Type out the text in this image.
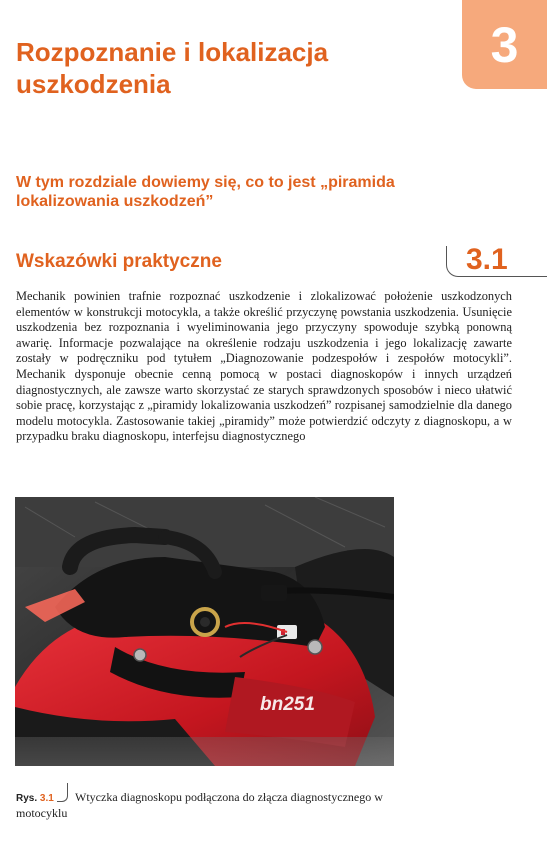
3
Rozpoznanie i lokalizacja uszkodzenia
W tym rozdziale dowiemy się, co to jest „piramida lokalizowania uszkodzeń”
Wskazówki praktyczne	3.1

Mechanik powinien trafnie rozpoznać uszkodzenie i zlokalizować położenie uszkodzonych elementów w konstrukcji motocykla, a także określić przyczynę powstania uszkodzenia. Usunięcie uszkodzenia bez rozpoznania i wyeliminowania jego przyczyny spowoduje szybką ponowną awarię. Informacje pozwalające na określenie rodzaju uszkodzenia i jego lokalizację zawarte zostały w podręczniku pod tytułem „Diagnozowanie podzespołów i zespołów motocykli”. Mechanik dysponuje obecnie cenną pomocą w postaci diagnoskopów i innych urządzeń diagnostycznych, ale zawsze warto skorzystać ze starych sprawdzonych sposobów i nieco ułatwić sobie pracę, korzystając z „piramidy lokalizowania uszkodzeń” rozpisanej samodzielnie dla danego modelu motocykla. Zastosowanie takiej „piramidy” może potwierdzić odczyty z diagnoskopu, a w przypadku braku diagnoskopu, interfejsu diagnostycznego

bn251
Rys. 3.1	Wtyczka diagnoskopu podłączona do złącza diagnostycznego w motocyklu
